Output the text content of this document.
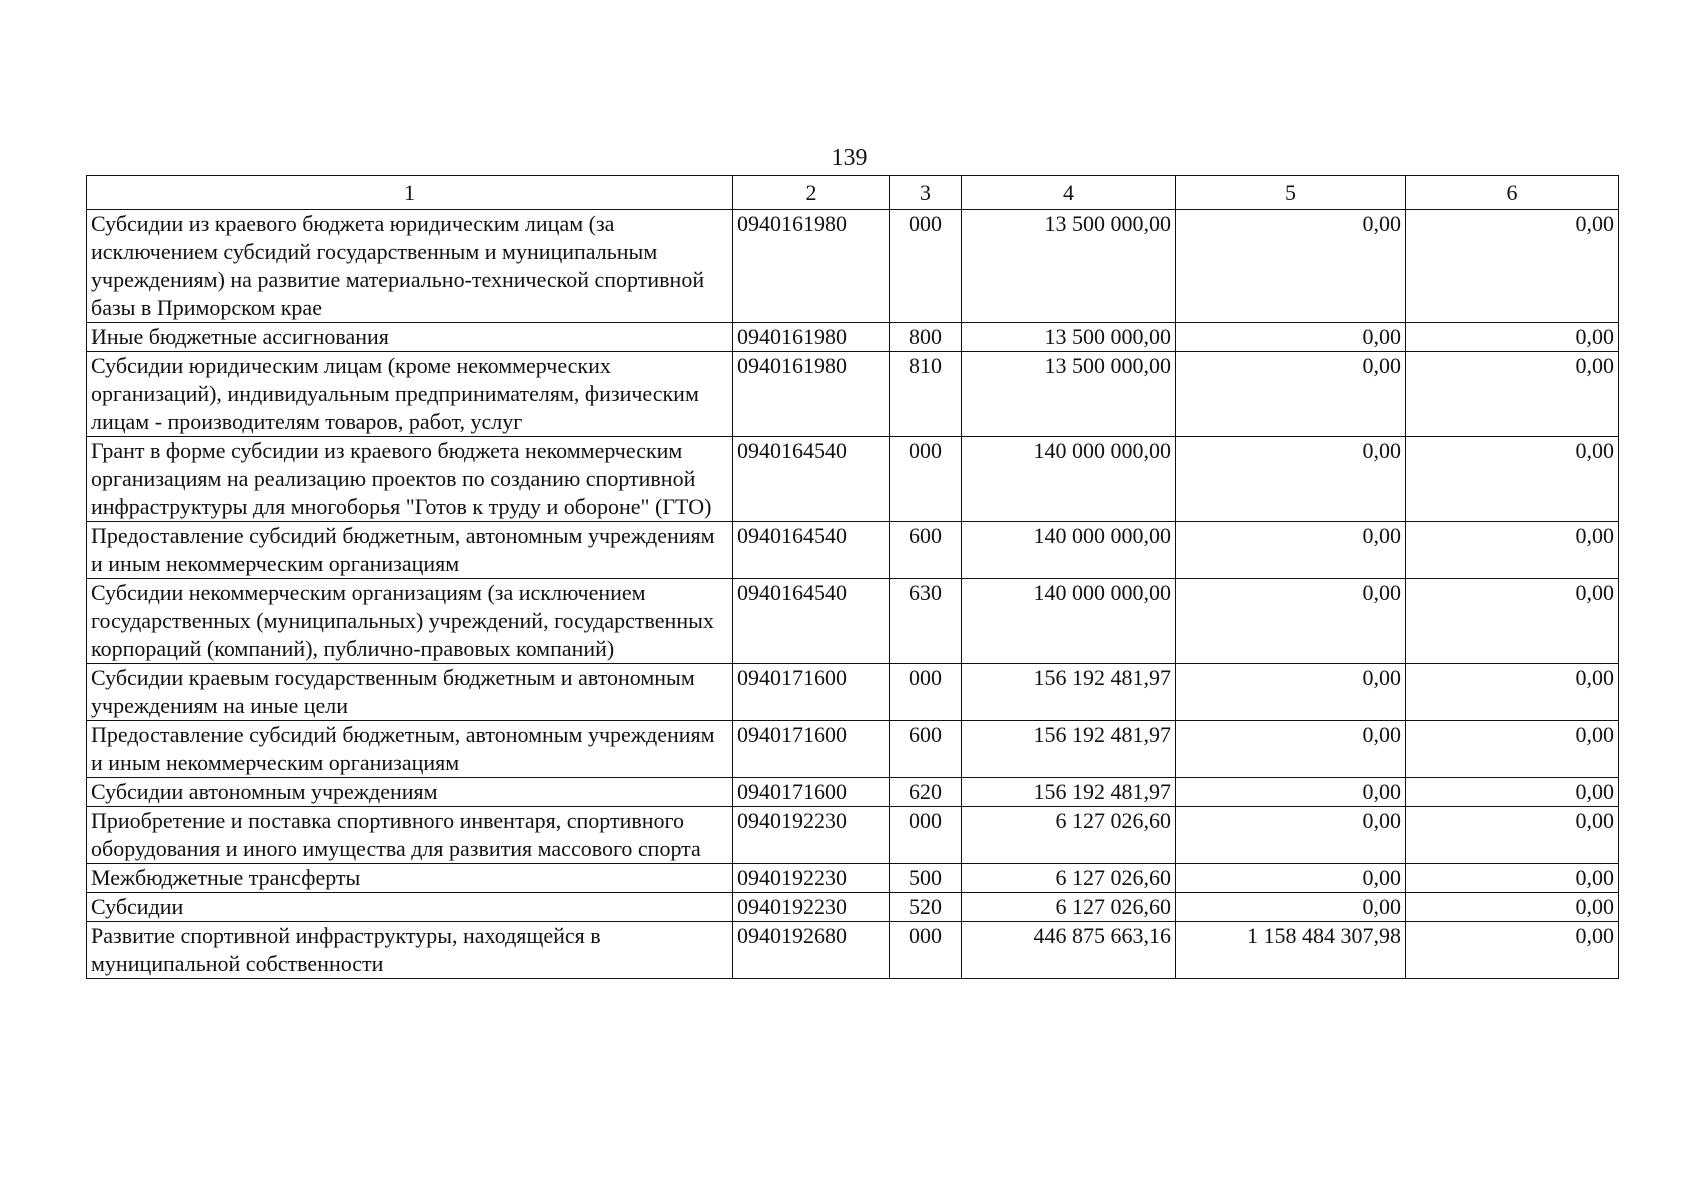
139
1	2	3	4	5	6
Субсидии из краевого бюджета юридическим лицам (за исключением субсидий государственным и муниципальным учреждениям) на развитие материально-технической спортивной базы в Приморском крае	0940161980	000	13 500 000,00	0,00	0,00
Иные бюджетные ассигнования	0940161980	800	13 500 000,00	0,00	0,00
Субсидии юридическим лицам (кроме некоммерческих организаций), индивидуальным предпринимателям, физическим лицам - производителям товаров, работ, услуг	0940161980	810	13 500 000,00	0,00	0,00
Грант в форме субсидии из краевого бюджета некоммерческим организациям на реализацию проектов по созданию спортивной инфраструктуры для многоборья "Готов к труду и обороне" (ГТО)	0940164540	000	140 000 000,00	0,00	0,00
Предоставление субсидий бюджетным, автономным учреждениям и иным некоммерческим организациям	0940164540	600	140 000 000,00	0,00	0,00
Субсидии некоммерческим организациям (за исключением государственных (муниципальных) учреждений, государственных корпораций (компаний), публично-правовых компаний)	0940164540	630	140 000 000,00	0,00	0,00
Субсидии краевым государственным бюджетным и автономным учреждениям на иные цели	0940171600	000	156 192 481,97	0,00	0,00
Предоставление субсидий бюджетным, автономным учреждениям и иным некоммерческим организациям	0940171600	600	156 192 481,97	0,00	0,00
Субсидии автономным учреждениям	0940171600	620	156 192 481,97	0,00	0,00
Приобретение и поставка спортивного инвентаря, спортивного оборудования и иного имущества для развития массового спорта	0940192230	000	6 127 026,60	0,00	0,00
Межбюджетные трансферты	0940192230	500	6 127 026,60	0,00	0,00
Субсидии	0940192230	520	6 127 026,60	0,00	0,00
Развитие спортивной инфраструктуры, находящейся в муниципальной собственности	0940192680	000	446 875 663,16	1 158 484 307,98	0,00
